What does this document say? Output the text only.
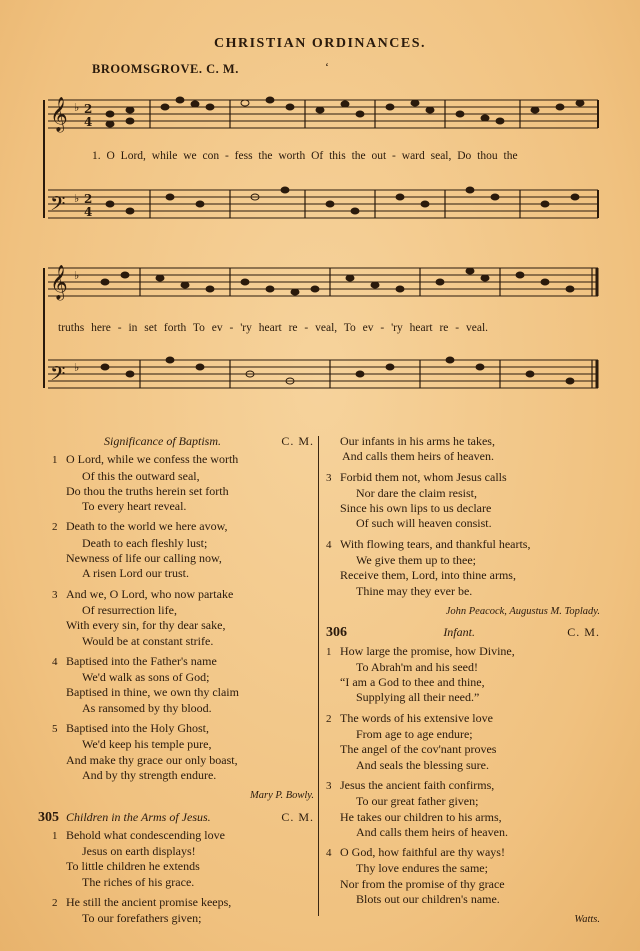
CHRISTIAN ORDINANCES.
BROOMSGROVE. C. M.	ʻ
𝄞
𝄢
𝄞
𝄢
♭
♭
♭
♭
2
4
2
4
1. O Lord, while we con - fess the worth Of this the out - ward seal, Do thou the
truths here - in set forth To ev - 'ry heart re - veal, To ev - 'ry heart re - veal.
Significance of Baptism.	C. M.
1 O Lord, while we confess the worth
Of this the outward seal,
Do thou the truths herein set forth
To every heart reveal.
2 Death to the world we here avow,
Death to each fleshly lust;
Newness of life our calling now,
A risen Lord our trust.
3 And we, O Lord, who now partake
Of resurrection life,
With every sin, for thy dear sake,
Would be at constant strife.
4 Baptised into the Father's name
We'd walk as sons of God;
Baptised in thine, we own thy claim
As ransomed by thy blood.
5 Baptised into the Holy Ghost,
We'd keep his temple pure,
And make thy grace our only boast,
And by thy strength endure.
Mary P. Bowly.
305 Children in the Arms of Jesus.	C. M.
1 Behold what condescending love
Jesus on earth displays!
To little children he extends
The riches of his grace.
2 He still the ancient promise keeps,
To our forefathers given;
Our infants in his arms he takes,
And calls them heirs of heaven.
3 Forbid them not, whom Jesus calls
Nor dare the claim resist,
Since his own lips to us declare
Of such will heaven consist.
4 With flowing tears, and thankful hearts,
We give them up to thee;
Receive them, Lord, into thine arms,
Thine may they ever be.
John Peacock, Augustus M. Toplady.
306	Infant.	C. M.
1 How large the promise, how Divine,
To Abrah'm and his seed!
“I am a God to thee and thine,
Supplying all their need.”
2 The words of his extensive love
From age to age endure;
The angel of the cov'nant proves
And seals the blessing sure.
3 Jesus the ancient faith confirms,
To our great father given;
He takes our children to his arms,
And calls them heirs of heaven.
4 O God, how faithful are thy ways!
Thy love endures the same;
Nor from the promise of thy grace
Blots out our children's name.
Watts.
